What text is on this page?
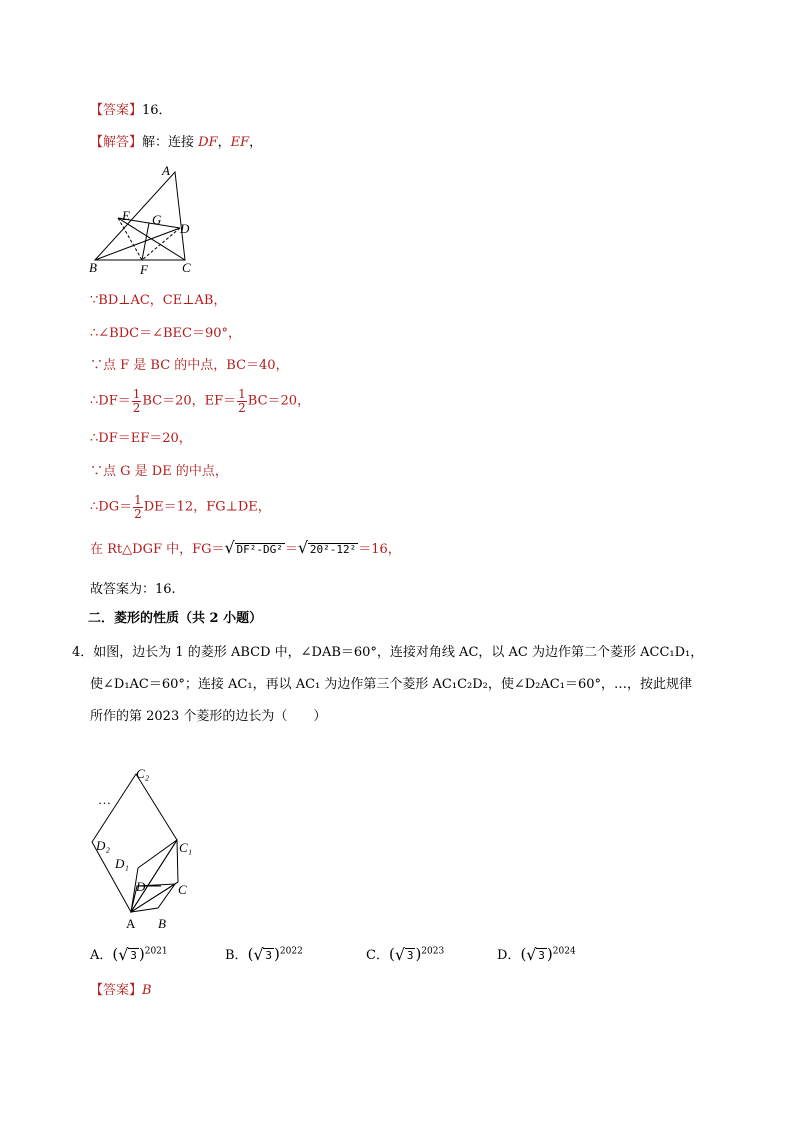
【答案】16．
【解答】解：连接 DF，EF，
A
E G
D
B	F	C
∵BD⊥AC，CE⊥AB，
∴∠BDC＝∠BEC＝90°，
∵点 F 是 BC 的中点，BC＝40，
∴DF＝ $\frac{1}{2} BC=20$，$EF= \frac{1}{2} BC=20$，
∴DF＝EF＝20，
∵点 G 是 DE 的中点，
∴DG＝ $\frac{1}{2} DE=12$，FG⊥DE，
在 Rt△DGF 中，FG＝ √ DF²-DG² ＝ √ 20²-12² ＝16，
故答案为：16.
二．菱形的性质（共 2 小题）
4．如图，边长为 1 的菱形 ABCD 中，∠DAB＝60°，连接对角线 AC，以 AC 为边作第二个菱形 ACC₁D₁，
使∠D₁AC＝60°；连接 AC₁，再以 AC₁ 为边作第三个菱形 AC₁C₂D₂，使∠D₂AC₁＝60°，…，按此规律
所作的第 2023 个菱形的边长为（　　）
C₂
…
D₂	C₁
D₁
D	C
A B
A．( √ 3 )$^{2021}$	B．( √ 3 )$^{2022}$	C．( √ 3 )$^{2023}$	D．( √ 3 )$^{2024}$
【答案】B
